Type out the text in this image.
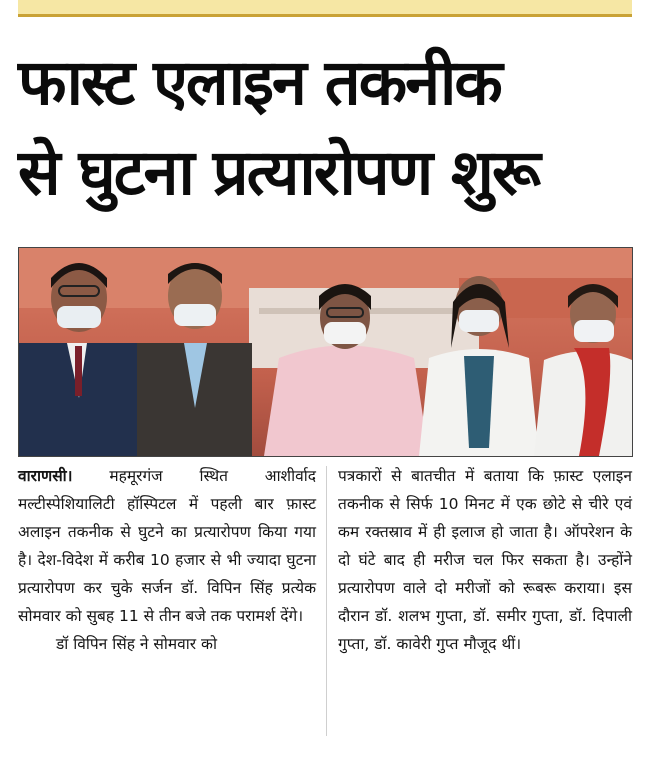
फास्ट एलाइन तकनीक
से घुटना प्रत्यारोपण शुरू

वाराणसी। महमूरगंज स्थित आशीर्वाद मल्टीस्पेशियालिटी हॉस्पिटल में पहली बार फ़ास्ट अलाइन तकनीक से घुटने का प्रत्यारोपण किया गया है। देश-विदेश में करीब 10 हजार से भी ज्यादा घुटना प्रत्यारोपण कर चुके सर्जन डॉ. विपिन सिंह प्रत्येक सोमवार को सुबह 11 से तीन बजे तक परामर्श देंगे।

डॉ विपिन सिंह ने सोमवार को

पत्रकारों से बातचीत में बताया कि फ़ास्ट एलाइन तकनीक से सिर्फ 10 मिनट में एक छोटे से चीरे एवं कम रक्तस्राव में ही इलाज हो जाता है। ऑपरेशन के दो घंटे बाद ही मरीज चल फिर सकता है। उन्होंने प्रत्यारोपण वाले दो मरीजों को रूबरू कराया। इस दौरान डॉ. शलभ गुप्ता, डॉ. समीर गुप्ता, डॉ. दिपाली गुप्ता, डॉ. कावेरी गुप्त मौजूद थीं।
